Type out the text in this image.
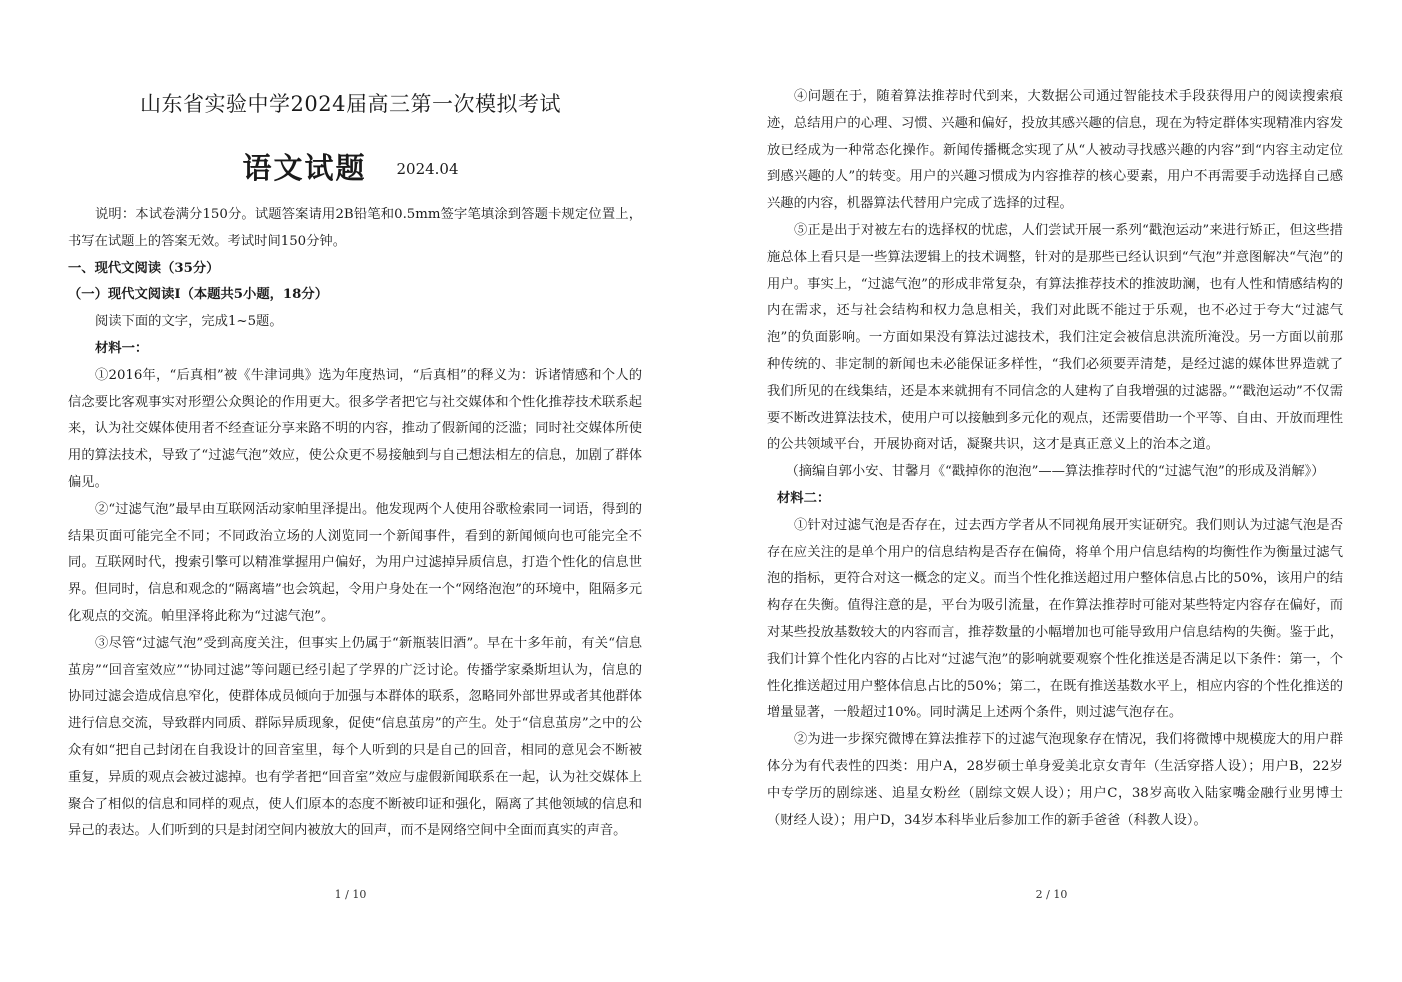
山东省实验中学2024届高三第一次模拟考试
语文试题 2024.04

说明：本试卷满分150分。试题答案请用2B铅笔和0.5mm签字笔填涂到答题卡规定位置上，书写在试题上的答案无效。考试时间150分钟。

一、现代文阅读（35分）

（一）现代文阅读Ⅰ（本题共5小题，18分）

阅读下面的文字，完成1~5题。

材料一：

①2016年，“后真相”被《牛津词典》选为年度热词，“后真相”的释义为：诉诸情感和个人的信念要比客观事实对形塑公众舆论的作用更大。很多学者把它与社交媒体和个性化推荐技术联系起来，认为社交媒体使用者不经查证分享来路不明的内容，推动了假新闻的泛滥；同时社交媒体所使用的算法技术，导致了“过滤气泡”效应，使公众更不易接触到与自己想法相左的信息，加剧了群体偏见。

②“过滤气泡”最早由互联网活动家帕里泽提出。他发现两个人使用谷歌检索同一词语，得到的结果页面可能完全不同；不同政治立场的人浏览同一个新闻事件，看到的新闻倾向也可能完全不同。互联网时代，搜索引擎可以精准掌握用户偏好，为用户过滤掉异质信息，打造个性化的信息世界。但同时，信息和观念的“隔离墙”也会筑起，令用户身处在一个“网络泡泡”的环境中，阻隔多元化观点的交流。帕里泽将此称为“过滤气泡”。

③尽管“过滤气泡”受到高度关注，但事实上仍属于“新瓶装旧酒”。早在十多年前，有关“信息茧房”“回音室效应”“协同过滤”等问题已经引起了学界的广泛讨论。传播学家桑斯坦认为，信息的协同过滤会造成信息窄化，使群体成员倾向于加强与本群体的联系，忽略同外部世界或者其他群体进行信息交流，导致群内同质、群际异质现象，促使“信息茧房”的产生。处于“信息茧房”之中的公众有如“把自己封闭在自我设计的回音室里，每个人听到的只是自己的回音，相同的意见会不断被重复，异质的观点会被过滤掉。也有学者把“回音室”效应与虚假新闻联系在一起，认为社交媒体上聚合了相似的信息和同样的观点，使人们原本的态度不断被印证和强化，隔离了其他领域的信息和异己的表达。人们听到的只是封闭空间内被放大的回声，而不是网络空间中全面而真实的声音。

1 / 10

④问题在于，随着算法推荐时代到来，大数据公司通过智能技术手段获得用户的阅读搜索痕迹，总结用户的心理、习惯、兴趣和偏好，投放其感兴趣的信息，现在为特定群体实现精准内容发放已经成为一种常态化操作。新闻传播概念实现了从“人被动寻找感兴趣的内容”到“内容主动定位到感兴趣的人”的转变。用户的兴趣习惯成为内容推荐的核心要素，用户不再需要手动选择自己感兴趣的内容，机器算法代替用户完成了选择的过程。

⑤正是出于对被左右的选择权的忧虑，人们尝试开展一系列“戳泡运动”来进行矫正，但这些措施总体上看只是一些算法逻辑上的技术调整，针对的是那些已经认识到“气泡”并意图解决“气泡”的用户。事实上，“过滤气泡”的形成非常复杂，有算法推荐技术的推波助澜，也有人性和情感结构的内在需求，还与社会结构和权力急息相关，我们对此既不能过于乐观，也不必过于夸大“过滤气泡”的负面影响。一方面如果没有算法过滤技术，我们注定会被信息洪流所淹没。另一方面以前那种传统的、非定制的新闻也未必能保证多样性，“我们必须要弄清楚，是经过滤的媒体世界造就了我们所见的在线集结，还是本来就拥有不同信念的人建构了自我增强的过滤器。”“戳泡运动”不仅需要不断改进算法技术，使用户可以接触到多元化的观点，还需要借助一个平等、自由、开放而理性的公共领域平台，开展协商对话，凝聚共识，这才是真正意义上的治本之道。

（摘编自郭小安、甘馨月《“戳掉你的泡泡”——算法推荐时代的“过滤气泡”的形成及消解》）

材料二：

①针对过滤气泡是否存在，过去西方学者从不同视角展开实证研究。我们则认为过滤气泡是否存在应关注的是单个用户的信息结构是否存在偏倚，将单个用户信息结构的均衡性作为衡量过滤气泡的指标，更符合对这一概念的定义。而当个性化推送超过用户整体信息占比的50%，该用户的结构存在失衡。值得注意的是，平台为吸引流量，在作算法推荐时可能对某些特定内容存在偏好，而对某些投放基数较大的内容而言，推荐数量的小幅增加也可能导致用户信息结构的失衡。鉴于此，我们计算个性化内容的占比对“过滤气泡”的影响就要观察个性化推送是否满足以下条件：第一，个性化推送超过用户整体信息占比的50%；第二，在既有推送基数水平上，相应内容的个性化推送的增量显著，一般超过10%。同时满足上述两个条件，则过滤气泡存在。

②为进一步探究微博在算法推荐下的过滤气泡现象存在情况，我们将微博中规模庞大的用户群体分为有代表性的四类：用户A，28岁硕士单身爱美北京女青年（生活穿搭人设）；用户B，22岁中专学历的剧综迷、追星女粉丝（剧综文娱人设）；用户C，38岁高收入陆家嘴金融行业男博士（财经人设）；用户D，34岁本科毕业后参加工作的新手爸爸（科教人设）。

2 / 10
